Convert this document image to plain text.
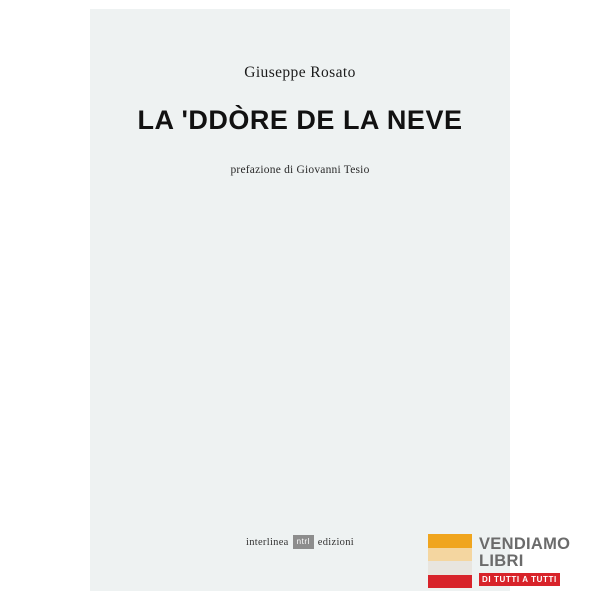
Giuseppe Rosato
LA 'DDÒRE DE LA NEVE
prefazione di Giovanni Tesio
interlinea	ntrl edizioni	VENDIAMO
LIBRI
DI TUTTI A TUTTI
